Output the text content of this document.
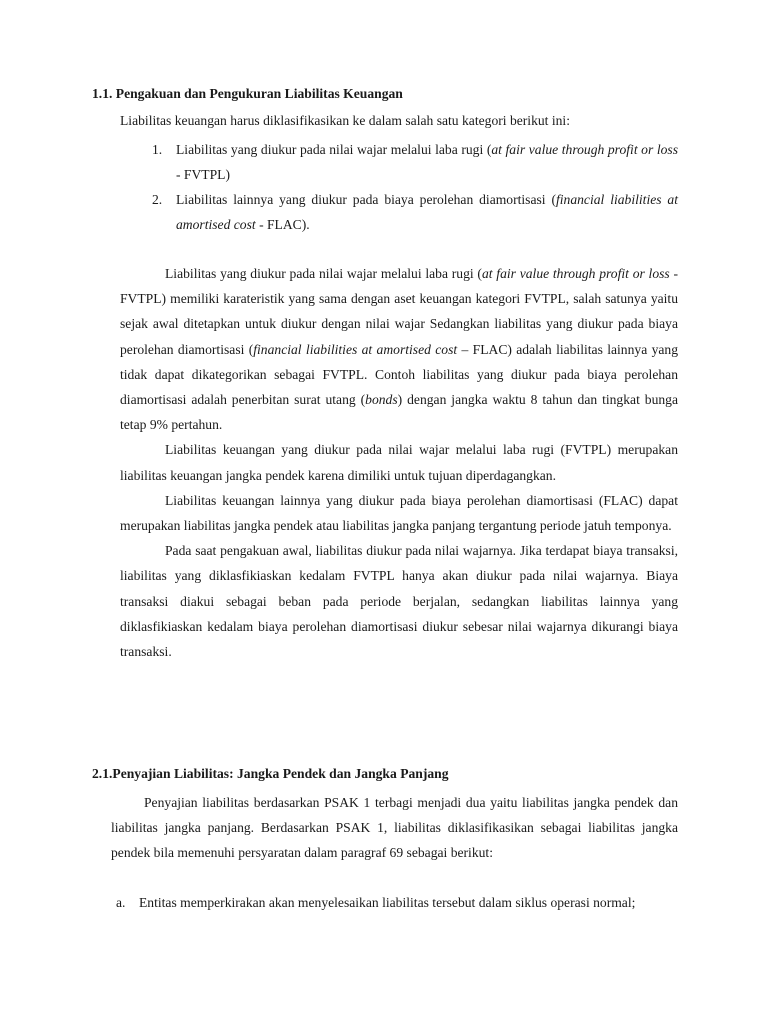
1.1. Pengakuan dan Pengukuran Liabilitas Keuangan
Liabilitas keuangan harus diklasifikasikan ke dalam salah satu kategori berikut ini:
1. Liabilitas yang diukur pada nilai wajar melalui laba rugi (at fair value through profit or loss - FVTPL)
2. Liabilitas lainnya yang diukur pada biaya perolehan diamortisasi (financial liabilities at amortised cost - FLAC).

Liabilitas yang diukur pada nilai wajar melalui laba rugi (at fair value through profit or loss - FVTPL) memiliki karateristik yang sama dengan aset keuangan kategori FVTPL, salah satunya yaitu sejak awal ditetapkan untuk diukur dengan nilai wajar Sedangkan liabilitas yang diukur pada biaya perolehan diamortisasi (financial liabilities at amortised cost – FLAC) adalah liabilitas lainnya yang tidak dapat dikategorikan sebagai FVTPL. Contoh liabilitas yang diukur pada biaya perolehan diamortisasi adalah penerbitan surat utang (bonds) dengan jangka waktu 8 tahun dan tingkat bunga tetap 9% pertahun.

Liabilitas keuangan yang diukur pada nilai wajar melalui laba rugi (FVTPL) merupakan liabilitas keuangan jangka pendek karena dimiliki untuk tujuan diperdagangkan.

Liabilitas keuangan lainnya yang diukur pada biaya perolehan diamortisasi (FLAC) dapat merupakan liabilitas jangka pendek atau liabilitas jangka panjang tergantung periode jatuh temponya.

Pada saat pengakuan awal, liabilitas diukur pada nilai wajarnya. Jika terdapat biaya transaksi, liabilitas yang diklasfikiaskan kedalam FVTPL hanya akan diukur pada nilai wajarnya. Biaya transaksi diakui sebagai beban pada periode berjalan, sedangkan liabilitas lainnya yang diklasfikiaskan kedalam biaya perolehan diamortisasi diukur sebesar nilai wajarnya dikurangi biaya transaksi.

2.1.Penyajian Liabilitas: Jangka Pendek dan Jangka Panjang

Penyajian liabilitas berdasarkan PSAK 1 terbagi menjadi dua yaitu liabilitas jangka pendek dan liabilitas jangka panjang. Berdasarkan PSAK 1, liabilitas diklasifikasikan sebagai liabilitas jangka pendek bila memenuhi persyaratan dalam paragraf 69 sebagai berikut:

a. Entitas memperkirakan akan menyelesaikan liabilitas tersebut dalam siklus operasi normal;
